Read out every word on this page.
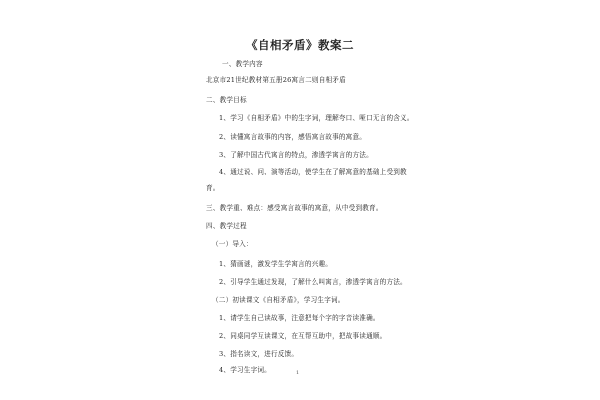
《自相矛盾》教案二
一、教学内容
北京市21世纪教材第五册26寓言二则自相矛盾
二、教学目标
1、学习《自相矛盾》中的生字词，理解夸口、哑口无言的含义。
2、读懂寓言故事的内容，感悟寓言故事的寓意。
3、了解中国古代寓言的特点，渗透学寓言的方法。
4、通过说、问、演等活动，使学生在了解寓意的基础上受到教
育。
三、教学重、难点：感受寓言故事的寓意，从中受到教育。
四、教学过程
（一）导入：
1、猜画谜，激发学生学寓言的兴趣。
2、引导学生通过发现，了解什么叫寓言，渗透学寓言的方法。
（二）初读课文《自相矛盾》，学习生字词。
1、请学生自己读故事，注意把每个字的字音读准确。
2、同桌同学互读课文，在互帮互助中，把故事读通顺。
3、指名读文，进行反馈。
4、学习生字词。	1
